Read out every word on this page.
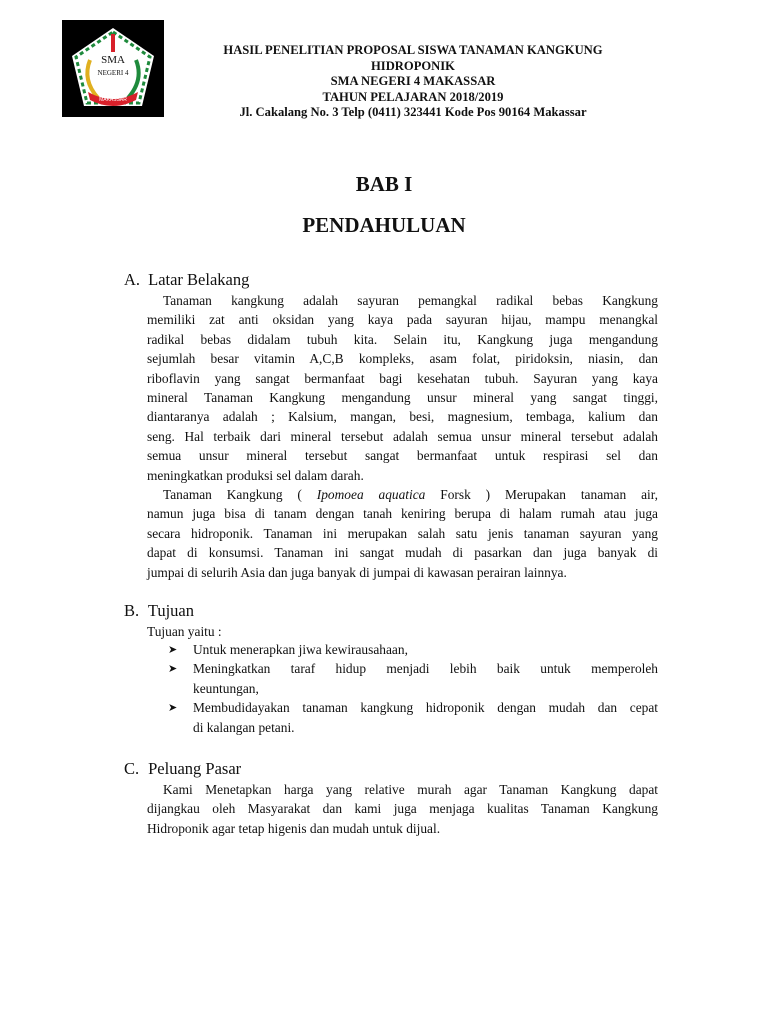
SMA
NEGERI 4
MAKASSAR
HASIL PENELITIAN PROPOSAL SISWA TANAMAN KANGKUNG
HIDROPONIK
SMA NEGERI 4 MAKASSAR
TAHUN PELAJARAN 2018/2019
Jl. Cakalang No. 3 Telp (0411) 323441 Kode Pos 90164 Makassar
BAB I
PENDAHULUAN
A. Latar Belakang
Tanaman kangkung adalah sayuran pemangkal radikal bebas Kangkung
memiliki zat anti oksidan yang kaya pada sayuran hijau, mampu menangkal
radikal bebas didalam tubuh kita. Selain itu, Kangkung juga mengandung
sejumlah besar vitamin A,C,B kompleks, asam folat, piridoksin, niasin, dan
riboflavin yang sangat bermanfaat bagi kesehatan tubuh. Sayuran yang kaya
mineral Tanaman Kangkung mengandung unsur mineral yang sangat tinggi,
diantaranya adalah ; Kalsium, mangan, besi, magnesium, tembaga, kalium dan
seng. Hal terbaik dari mineral tersebut adalah semua unsur mineral tersebut adalah
semua unsur mineral tersebut sangat bermanfaat untuk respirasi sel dan
meningkatkan produksi sel dalam darah.
Tanaman Kangkung ( Ipomoea aquatica Forsk ) Merupakan tanaman air,
namun juga bisa di tanam dengan tanah keniring berupa di halam rumah atau juga
secara hidroponik. Tanaman ini merupakan salah satu jenis tanaman sayuran yang
dapat di konsumsi. Tanaman ini sangat mudah di pasarkan dan juga banyak di
jumpai di selurih Asia dan juga banyak di jumpai di kawasan perairan lainnya.
B. Tujuan
Tujuan yaitu :
➤ Untuk menerapkan jiwa kewirausahaan,
➤ Meningkatkan taraf hidup menjadi lebih baik untuk memperoleh
keuntungan,
➤ Membudidayakan tanaman kangkung hidroponik dengan mudah dan cepat
di kalangan petani.
C. Peluang Pasar
Kami Menetapkan harga yang relative murah agar Tanaman Kangkung dapat
dijangkau oleh Masyarakat dan kami juga menjaga kualitas Tanaman Kangkung
Hidroponik agar tetap higenis dan mudah untuk dijual.
